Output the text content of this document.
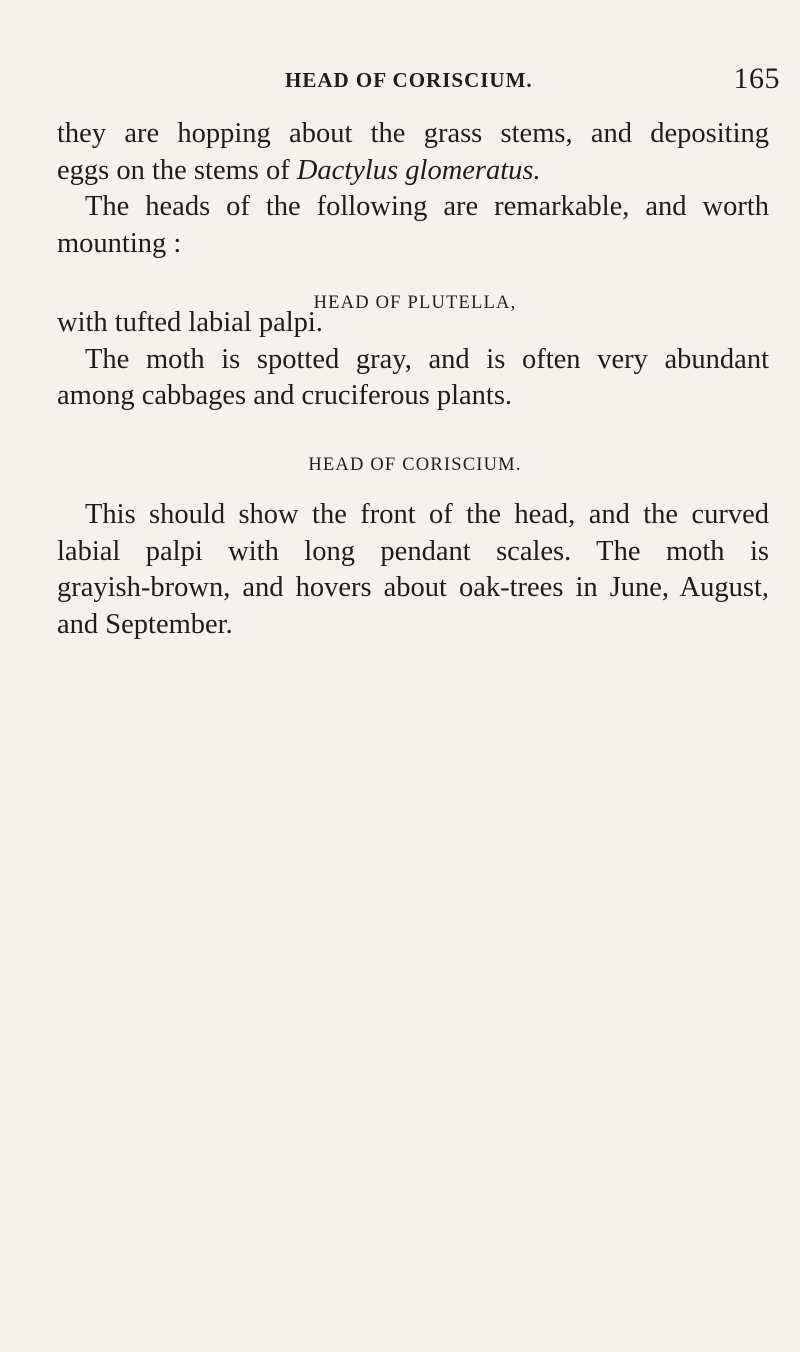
HEAD OF CORISCIUM.	165
they are hopping about the grass stems, and depositing
eggs on the stems of Dactylus glomeratus.
The heads of the following are remarkable, and worth
mounting :
HEAD OF PLUTELLA,
with tufted labial palpi.
The moth is spotted gray, and is often very abundant
among cabbages and cruciferous plants.
HEAD OF CORISCIUM.
This should show the front of the head, and the curved
labial palpi with long pendant scales. The moth is
grayish-brown, and hovers about oak-trees in June, August,
and September.
